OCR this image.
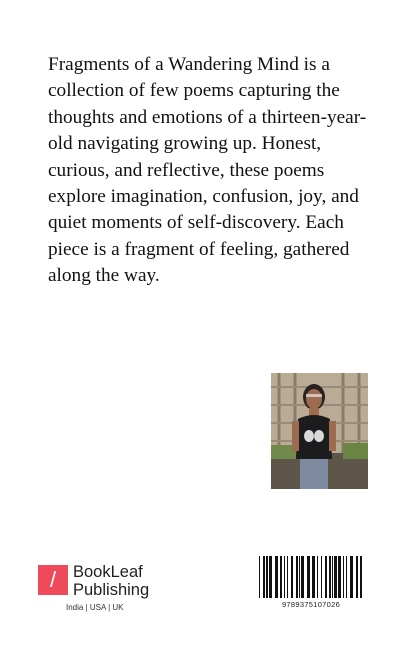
Fragments of a Wandering Mind is a collection of few poems capturing the thoughts and emotions of a thirteen-year-old navigating growing up. Honest, curious, and reflective, these poems explore imagination, confusion, joy, and quiet moments of self-discovery. Each piece is a fragment of feeling, gathered along the way.

/	BookLeaf
Publishing
India | USA | UK	9789375107026
